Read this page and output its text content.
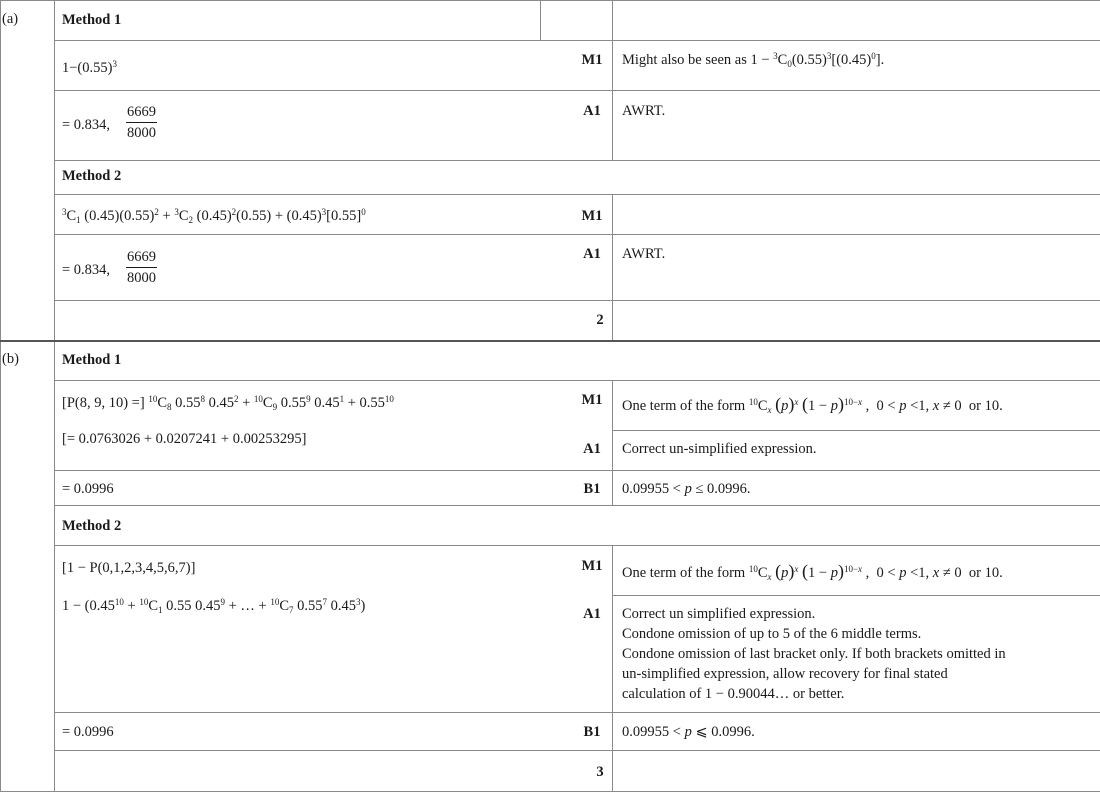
(a)	Method 1
$1-(0.55)^3$	M1	Might also be seen as $1 - ^3C_0(0.55)^3[(0.45)^0]$.
= 0.834, $\frac{6669}{8000}$	A1	AWRT.
Method 2
$^3C_1$ $(0.45)(0.55)^2 + ^3C_2$ $(0.45)^2(0.55) + (0.45)^3[0.55]^0$	M1
= 0.834, $\frac{6669}{8000}$	A1	AWRT.
2
(b)	Method 1
[P(8, 9, 10) =] $^{10}C_8$ 0.55$^8$ $0.45^2 + ^{10}C_9$ 0.55$^9$ $0.45^1 + 0.55^{10}$	M1	One term of the form $^{10}C_x$ $(p)^x$ $(1 - p)^{10-x}$ ,  0 < p <1, x ≠ 0  or 10.
[= 0.0763026 + 0.0207241 + 0.00253295]
A1	Correct un-simplified expression.
= 0.0996	B1	0.09955 < p ≤ 0.0996.
Method 2
[1 − P(0,1,2,3,4,5,6,7)]	M1	One term of the form $^{10}C_x$ $(p)^x$ $(1 - p)^{10-x}$ ,  0 < p <1, x ≠ 0  or 10.
$1 - (0.45^{10} + ^{10}C_1$ 0.55 $0.45^9$ + … + $^{10}C_7$ 0.55$^7$ 0.45$^3$)	A1	Correct un simplified expression.
Condone omission of up to 5 of the 6 middle terms.
Condone omission of last bracket only. If both brackets omitted in
un-simplified expression, allow recovery for final stated
calculation of 1 − 0.90044… or better.
= 0.0996	B1	0.09955 < p ⩽ 0.0996.
3
